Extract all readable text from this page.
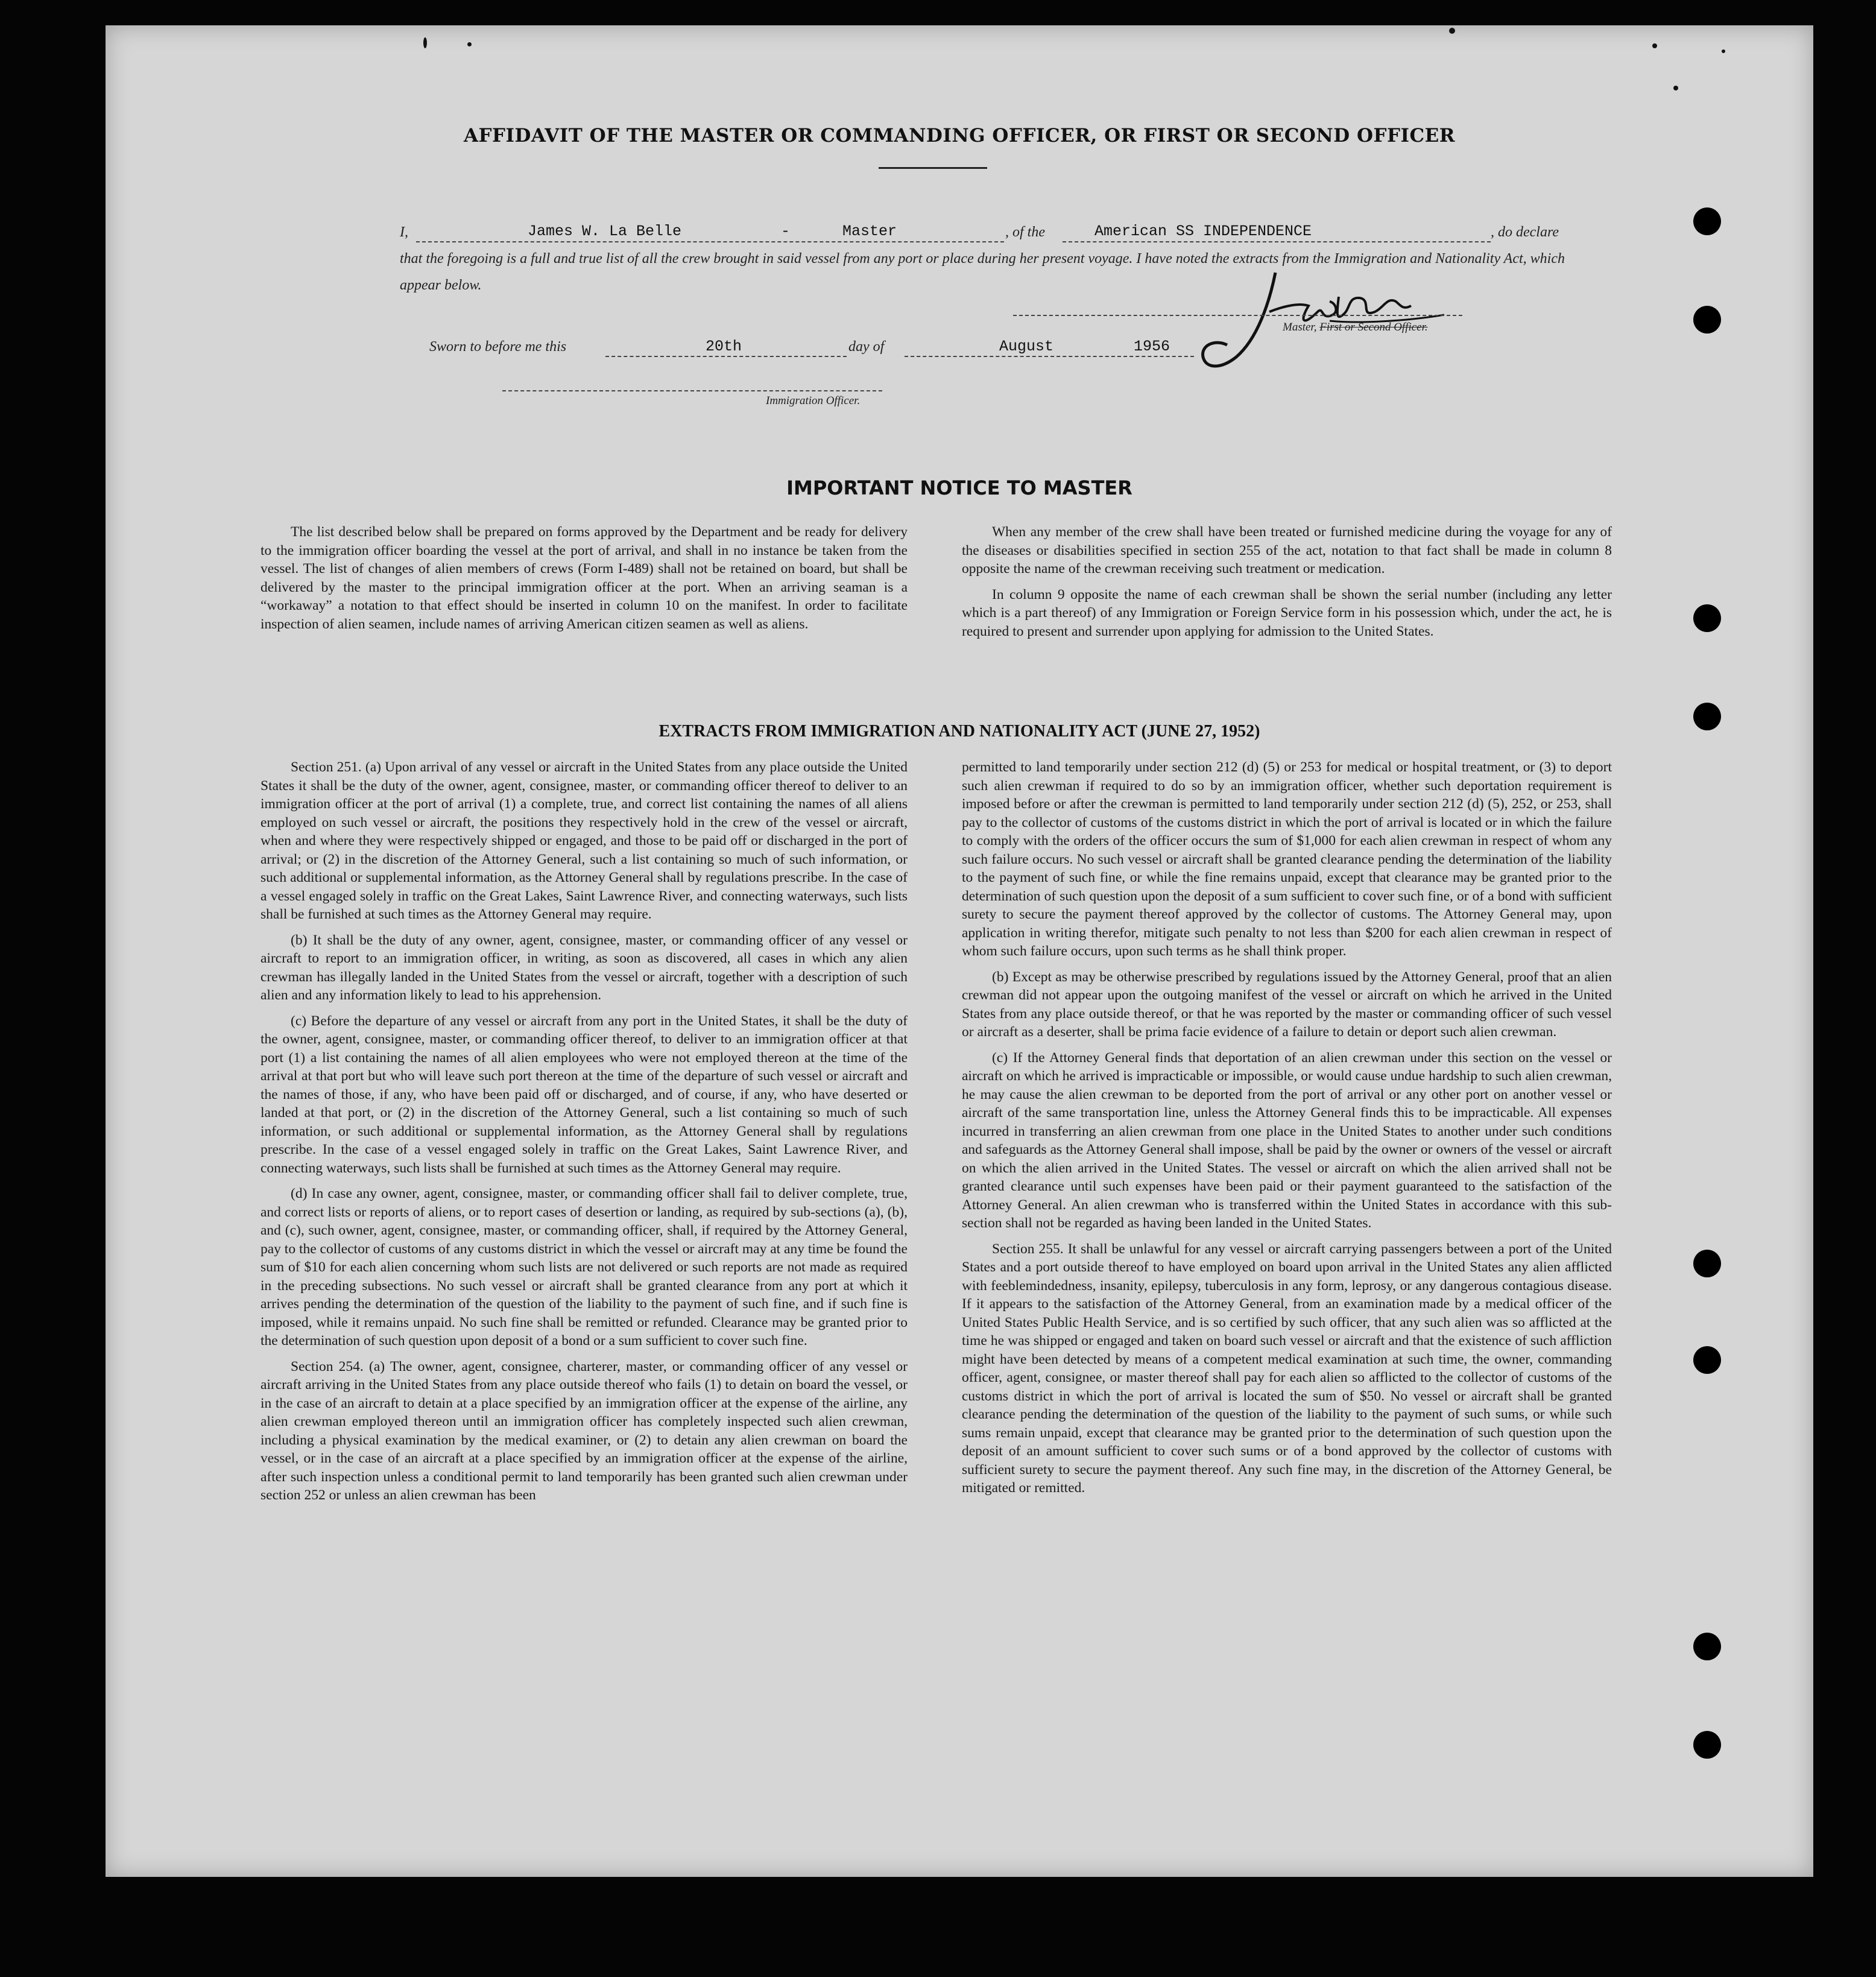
AFFIDAVIT OF THE MASTER OR COMMANDING OFFICER, OR FIRST OR SECOND OFFICER
I,	James W. La Belle	-	Master	, of the	American SS INDEPENDENCE	, do declare
that the foregoing is a full and true list of all the crew brought in said vessel from any port or place during her present voyage. I have noted the extracts from the Immigration and Nationality Act, which appear below.
Master, First or Second Officer.
Sworn to before me this	20th	day of	August	1956
Immigration Officer.
IMPORTANT NOTICE TO MASTER

The list described below shall be prepared on forms approved by the Department and be ready for delivery to the immigration officer boarding the vessel at the port of arrival, and shall in no instance be taken from the vessel. The list of changes of alien members of crews (Form I-489) shall not be retained on board, but shall be delivered by the master to the principal immigration officer at the port. When an arriving seaman is a “workaway” a notation to that effect should be inserted in column 10 on the manifest. In order to facilitate inspection of alien seamen, include names of arriving American citizen seamen as well as aliens.

When any member of the crew shall have been treated or furnished medicine during the voyage for any of the diseases or disabilities specified in section 255 of the act, notation to that fact shall be made in column 8 opposite the name of the crewman receiving such treatment or medication.

In column 9 opposite the name of each crewman shall be shown the serial number (including any letter which is a part thereof) of any Immigration or Foreign Service form in his possession which, under the act, he is required to present and surrender upon applying for admission to the United States.

EXTRACTS FROM IMMIGRATION AND NATIONALITY ACT (JUNE 27, 1952)

Section 251. (a) Upon arrival of any vessel or aircraft in the United States from any place outside the United States it shall be the duty of the owner, agent, consignee, master, or commanding officer thereof to deliver to an immigration officer at the port of arrival (1) a complete, true, and correct list containing the names of all aliens employed on such vessel or aircraft, the positions they respectively hold in the crew of the vessel or aircraft, when and where they were respectively shipped or engaged, and those to be paid off or discharged in the port of arrival; or (2) in the discretion of the Attorney General, such a list containing so much of such information, or such additional or supplemental information, as the Attorney General shall by regulations prescribe. In the case of a vessel engaged solely in traffic on the Great Lakes, Saint Lawrence River, and connecting waterways, such lists shall be furnished at such times as the Attorney General may require.

(b) It shall be the duty of any owner, agent, consignee, master, or commanding officer of any vessel or aircraft to report to an immigration officer, in writing, as soon as discovered, all cases in which any alien crewman has illegally landed in the United States from the vessel or aircraft, together with a description of such alien and any information likely to lead to his apprehension.

(c) Before the departure of any vessel or aircraft from any port in the United States, it shall be the duty of the owner, agent, consignee, master, or commanding officer thereof, to deliver to an immigration officer at that port (1) a list containing the names of all alien employees who were not employed thereon at the time of the arrival at that port but who will leave such port thereon at the time of the departure of such vessel or aircraft and the names of those, if any, who have been paid off or discharged, and of course, if any, who have deserted or landed at that port, or (2) in the discretion of the Attorney General, such a list containing so much of such information, or such additional or supplemental information, as the Attorney General shall by regulations prescribe. In the case of a vessel engaged solely in traffic on the Great Lakes, Saint Lawrence River, and connecting waterways, such lists shall be furnished at such times as the Attorney General may require.

(d) In case any owner, agent, consignee, master, or commanding officer shall fail to deliver complete, true, and correct lists or reports of aliens, or to report cases of desertion or landing, as required by sub-sections (a), (b), and (c), such owner, agent, consignee, master, or commanding officer, shall, if required by the Attorney General, pay to the collector of customs of any customs district in which the vessel or aircraft may at any time be found the sum of $10 for each alien concerning whom such lists are not delivered or such reports are not made as required in the preceding subsections. No such vessel or aircraft shall be granted clearance from any port at which it arrives pending the determination of the question of the liability to the payment of such fine, and if such fine is imposed, while it remains unpaid. No such fine shall be remitted or refunded. Clearance may be granted prior to the determination of such question upon deposit of a bond or a sum sufficient to cover such fine.

Section 254. (a) The owner, agent, consignee, charterer, master, or commanding officer of any vessel or aircraft arriving in the United States from any place outside thereof who fails (1) to detain on board the vessel, or in the case of an aircraft to detain at a place specified by an immigration officer at the expense of the airline, any alien crewman employed thereon until an immigration officer has completely inspected such alien crewman, including a physical examination by the medical examiner, or (2) to detain any alien crewman on board the vessel, or in the case of an aircraft at a place specified by an immigration officer at the expense of the airline, after such inspection unless a conditional permit to land temporarily has been granted such alien crewman under section 252 or unless an alien crewman has been

permitted to land temporarily under section 212 (d) (5) or 253 for medical or hospital treatment, or (3) to deport such alien crewman if required to do so by an immigration officer, whether such deportation requirement is imposed before or after the crewman is permitted to land temporarily under section 212 (d) (5), 252, or 253, shall pay to the collector of customs of the customs district in which the port of arrival is located or in which the failure to comply with the orders of the officer occurs the sum of $1,000 for each alien crewman in respect of whom any such failure occurs. No such vessel or aircraft shall be granted clearance pending the determination of the liability to the payment of such fine, or while the fine remains unpaid, except that clearance may be granted prior to the determination of such question upon the deposit of a sum sufficient to cover such fine, or of a bond with sufficient surety to secure the payment thereof approved by the collector of customs. The Attorney General may, upon application in writing therefor, mitigate such penalty to not less than $200 for each alien crewman in respect of whom such failure occurs, upon such terms as he shall think proper.

(b) Except as may be otherwise prescribed by regulations issued by the Attorney General, proof that an alien crewman did not appear upon the outgoing manifest of the vessel or aircraft on which he arrived in the United States from any place outside thereof, or that he was reported by the master or commanding officer of such vessel or aircraft as a deserter, shall be prima facie evidence of a failure to detain or deport such alien crewman.

(c) If the Attorney General finds that deportation of an alien crewman under this section on the vessel or aircraft on which he arrived is impracticable or impossible, or would cause undue hardship to such alien crewman, he may cause the alien crewman to be deported from the port of arrival or any other port on another vessel or aircraft of the same transportation line, unless the Attorney General finds this to be impracticable. All expenses incurred in transferring an alien crewman from one place in the United States to another under such conditions and safeguards as the Attorney General shall impose, shall be paid by the owner or owners of the vessel or aircraft on which the alien arrived in the United States. The vessel or aircraft on which the alien arrived shall not be granted clearance until such expenses have been paid or their payment guaranteed to the satisfaction of the Attorney General. An alien crewman who is transferred within the United States in accordance with this sub-section shall not be regarded as having been landed in the United States.

Section 255. It shall be unlawful for any vessel or aircraft carrying passengers between a port of the United States and a port outside thereof to have employed on board upon arrival in the United States any alien afflicted with feeblemindedness, insanity, epilepsy, tuberculosis in any form, leprosy, or any dangerous contagious disease. If it appears to the satisfaction of the Attorney General, from an examination made by a medical officer of the United States Public Health Service, and is so certified by such officer, that any such alien was so afflicted at the time he was shipped or engaged and taken on board such vessel or aircraft and that the existence of such affliction might have been detected by means of a competent medical examination at such time, the owner, commanding officer, agent, consignee, or master thereof shall pay for each alien so afflicted to the collector of customs of the customs district in which the port of arrival is located the sum of $50. No vessel or aircraft shall be granted clearance pending the determination of the question of the liability to the payment of such sums, or while such sums remain unpaid, except that clearance may be granted prior to the determination of such question upon the deposit of an amount sufficient to cover such sums or of a bond approved by the collector of customs with sufficient surety to secure the payment thereof. Any such fine may, in the discretion of the Attorney General, be mitigated or remitted.
